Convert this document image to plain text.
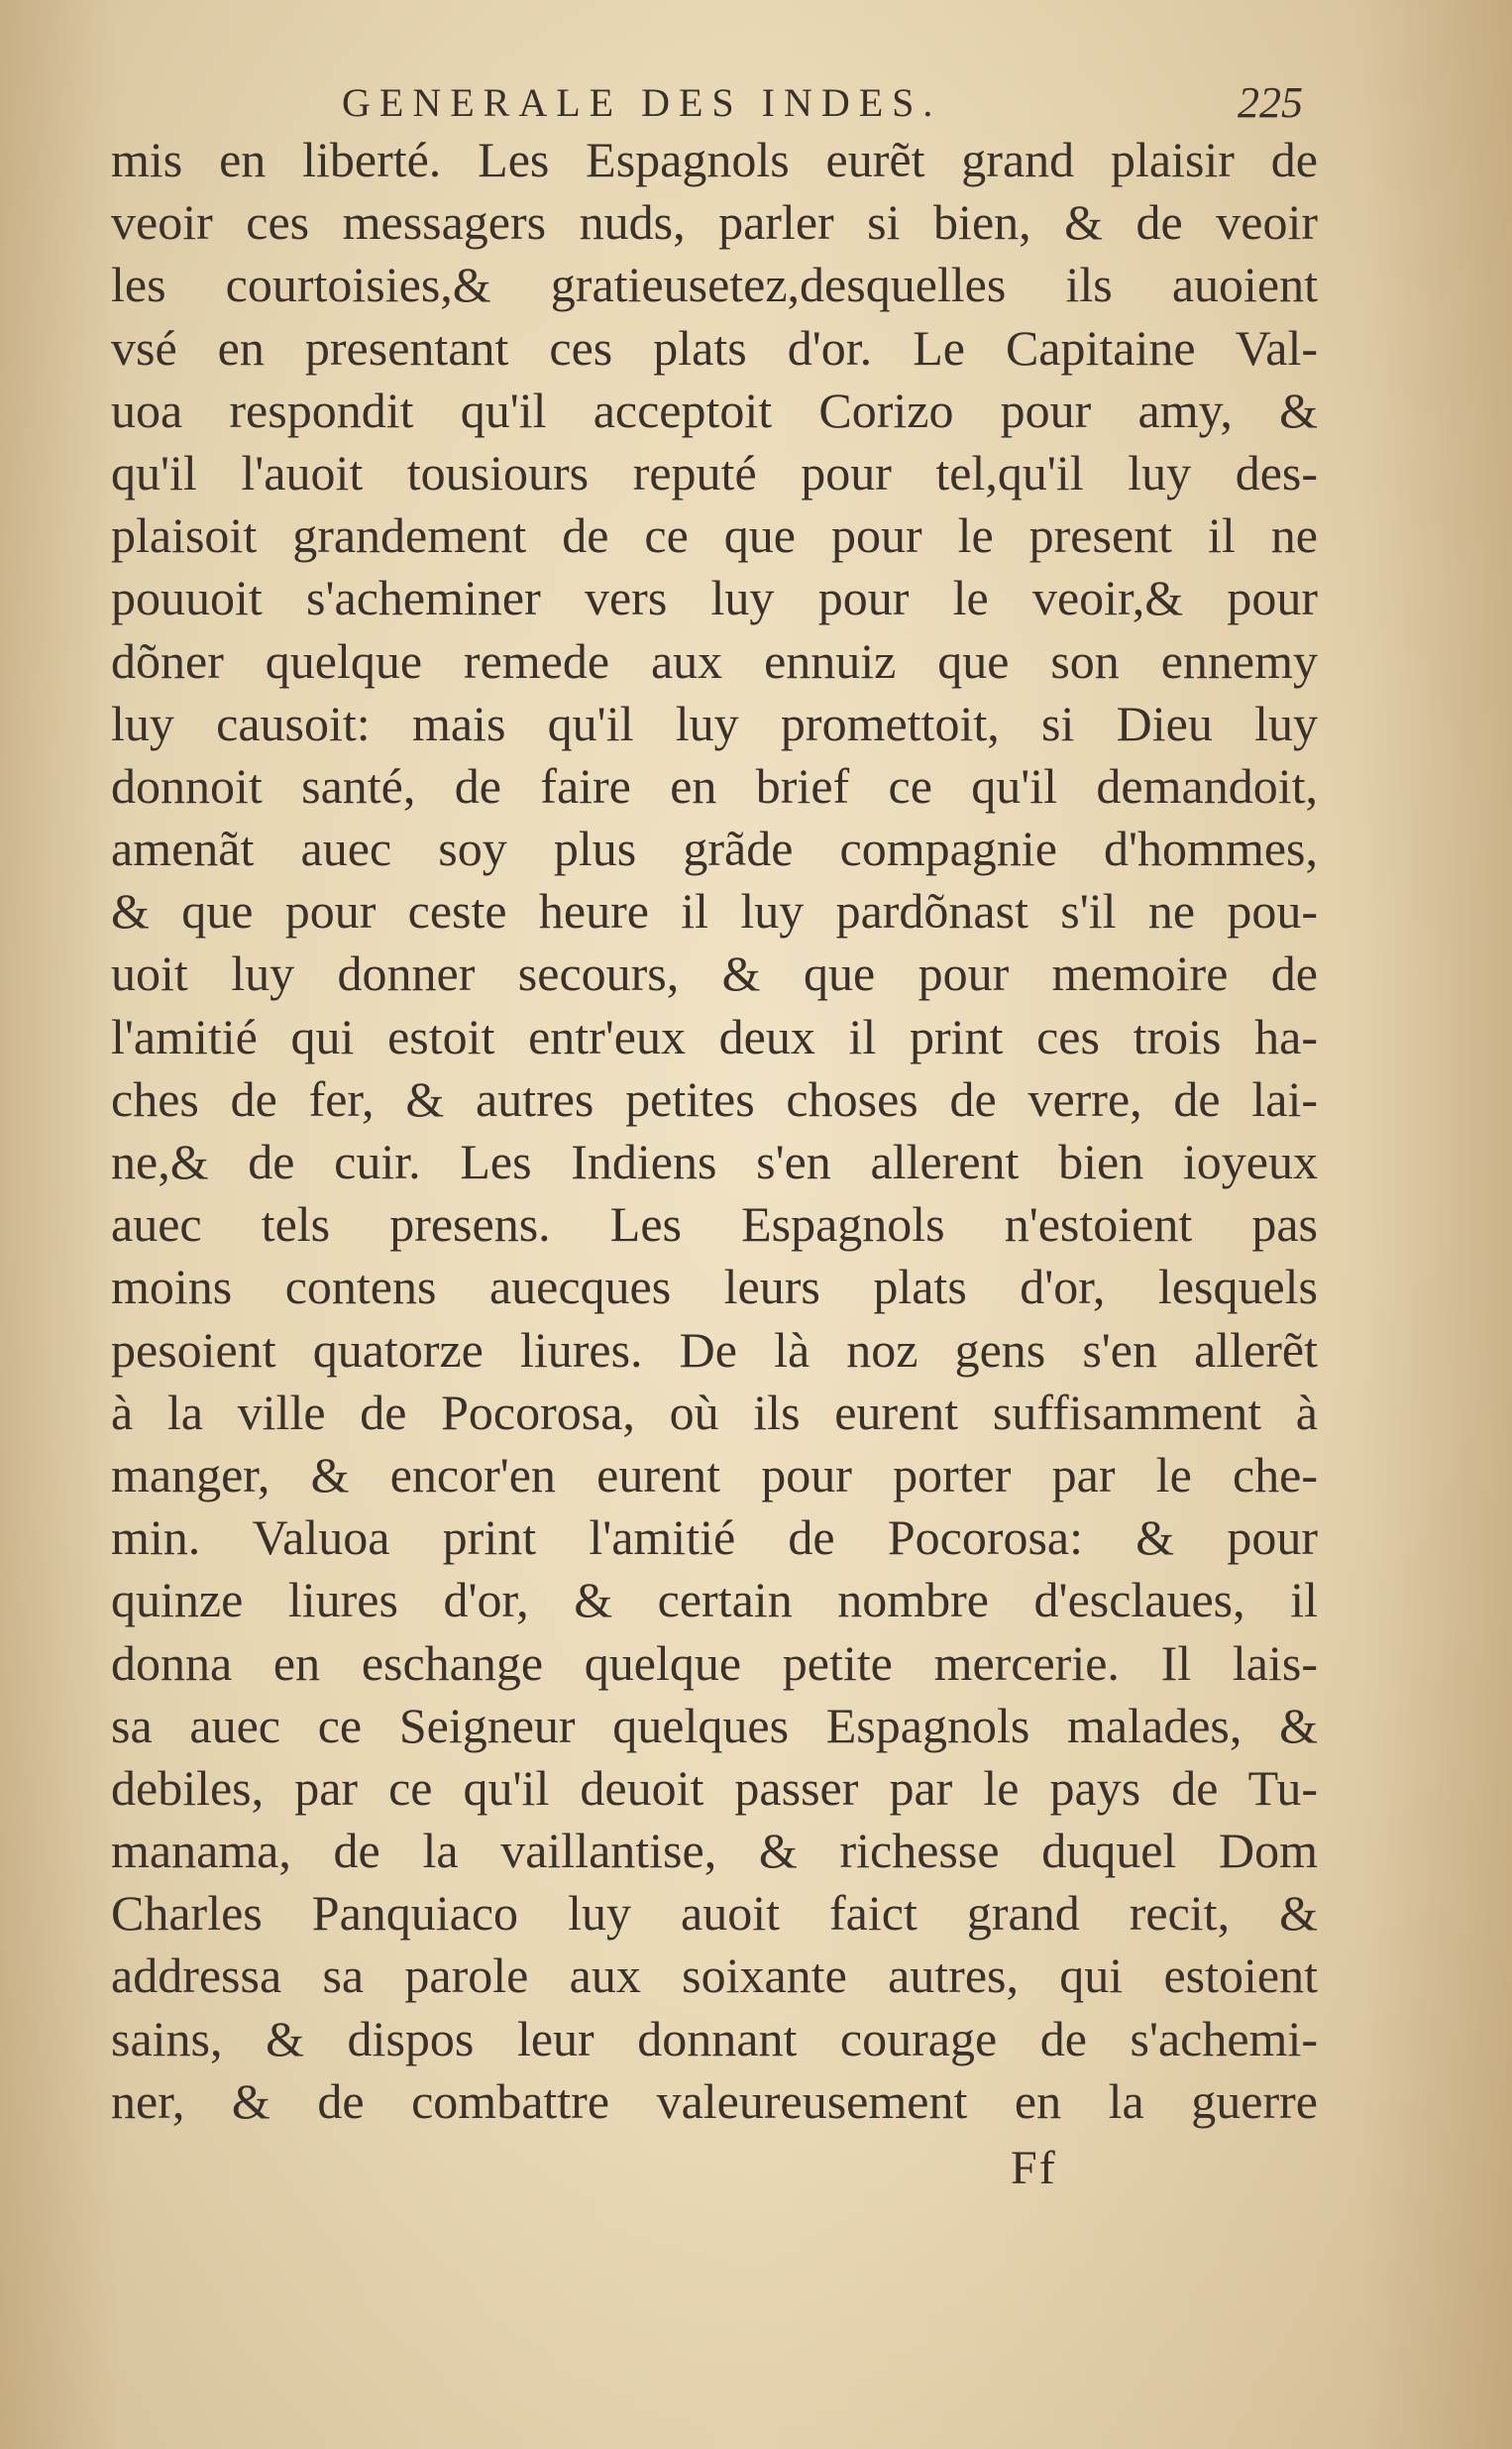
GENERALE DES INDES.	225
mis en liberté. Les Espagnols eurẽt grand plaisir de
veoir ces messagers nuds, parler si bien, & de veoir
les courtoisies,& gratieusetez,desquelles ils auoient
vsé en presentant ces plats d'or. Le Capitaine Val-
uoa respondit qu'il acceptoit Corizo pour amy, &
qu'il l'auoit tousiours reputé pour tel,qu'il luy des-
plaisoit grandement de ce que pour le present il ne
pouuoit s'acheminer vers luy pour le veoir,& pour
dõner quelque remede aux ennuiz que son ennemy
luy causoit: mais qu'il luy promettoit, si Dieu luy
donnoit santé, de faire en brief ce qu'il demandoit,
amenãt auec soy plus grãde compagnie d'hommes,
& que pour ceste heure il luy pardõnast s'il ne pou-
uoit luy donner secours, & que pour memoire de
l'amitié qui estoit entr'eux deux il print ces trois ha-
ches de fer, & autres petites choses de verre, de lai-
ne,& de cuir. Les Indiens s'en allerent bien ioyeux
auec tels presens. Les Espagnols n'estoient pas
moins contens auecques leurs plats d'or, lesquels
pesoient quatorze liures. De là noz gens s'en allerẽt
à la ville de Pocorosa, où ils eurent suffisamment à
manger, & encor'en eurent pour porter par le che-
min. Valuoa print l'amitié de Pocorosa: & pour
quinze liures d'or, & certain nombre d'esclaues, il
donna en eschange quelque petite mercerie. Il lais-
sa auec ce Seigneur quelques Espagnols malades, &
debiles, par ce qu'il deuoit passer par le pays de Tu-
manama, de la vaillantise, & richesse duquel Dom
Charles Panquiaco luy auoit faict grand recit, &
addressa sa parole aux soixante autres, qui estoient
sains, & dispos leur donnant courage de s'achemi-
ner, & de combattre valeureusement en la guerre
Ff
